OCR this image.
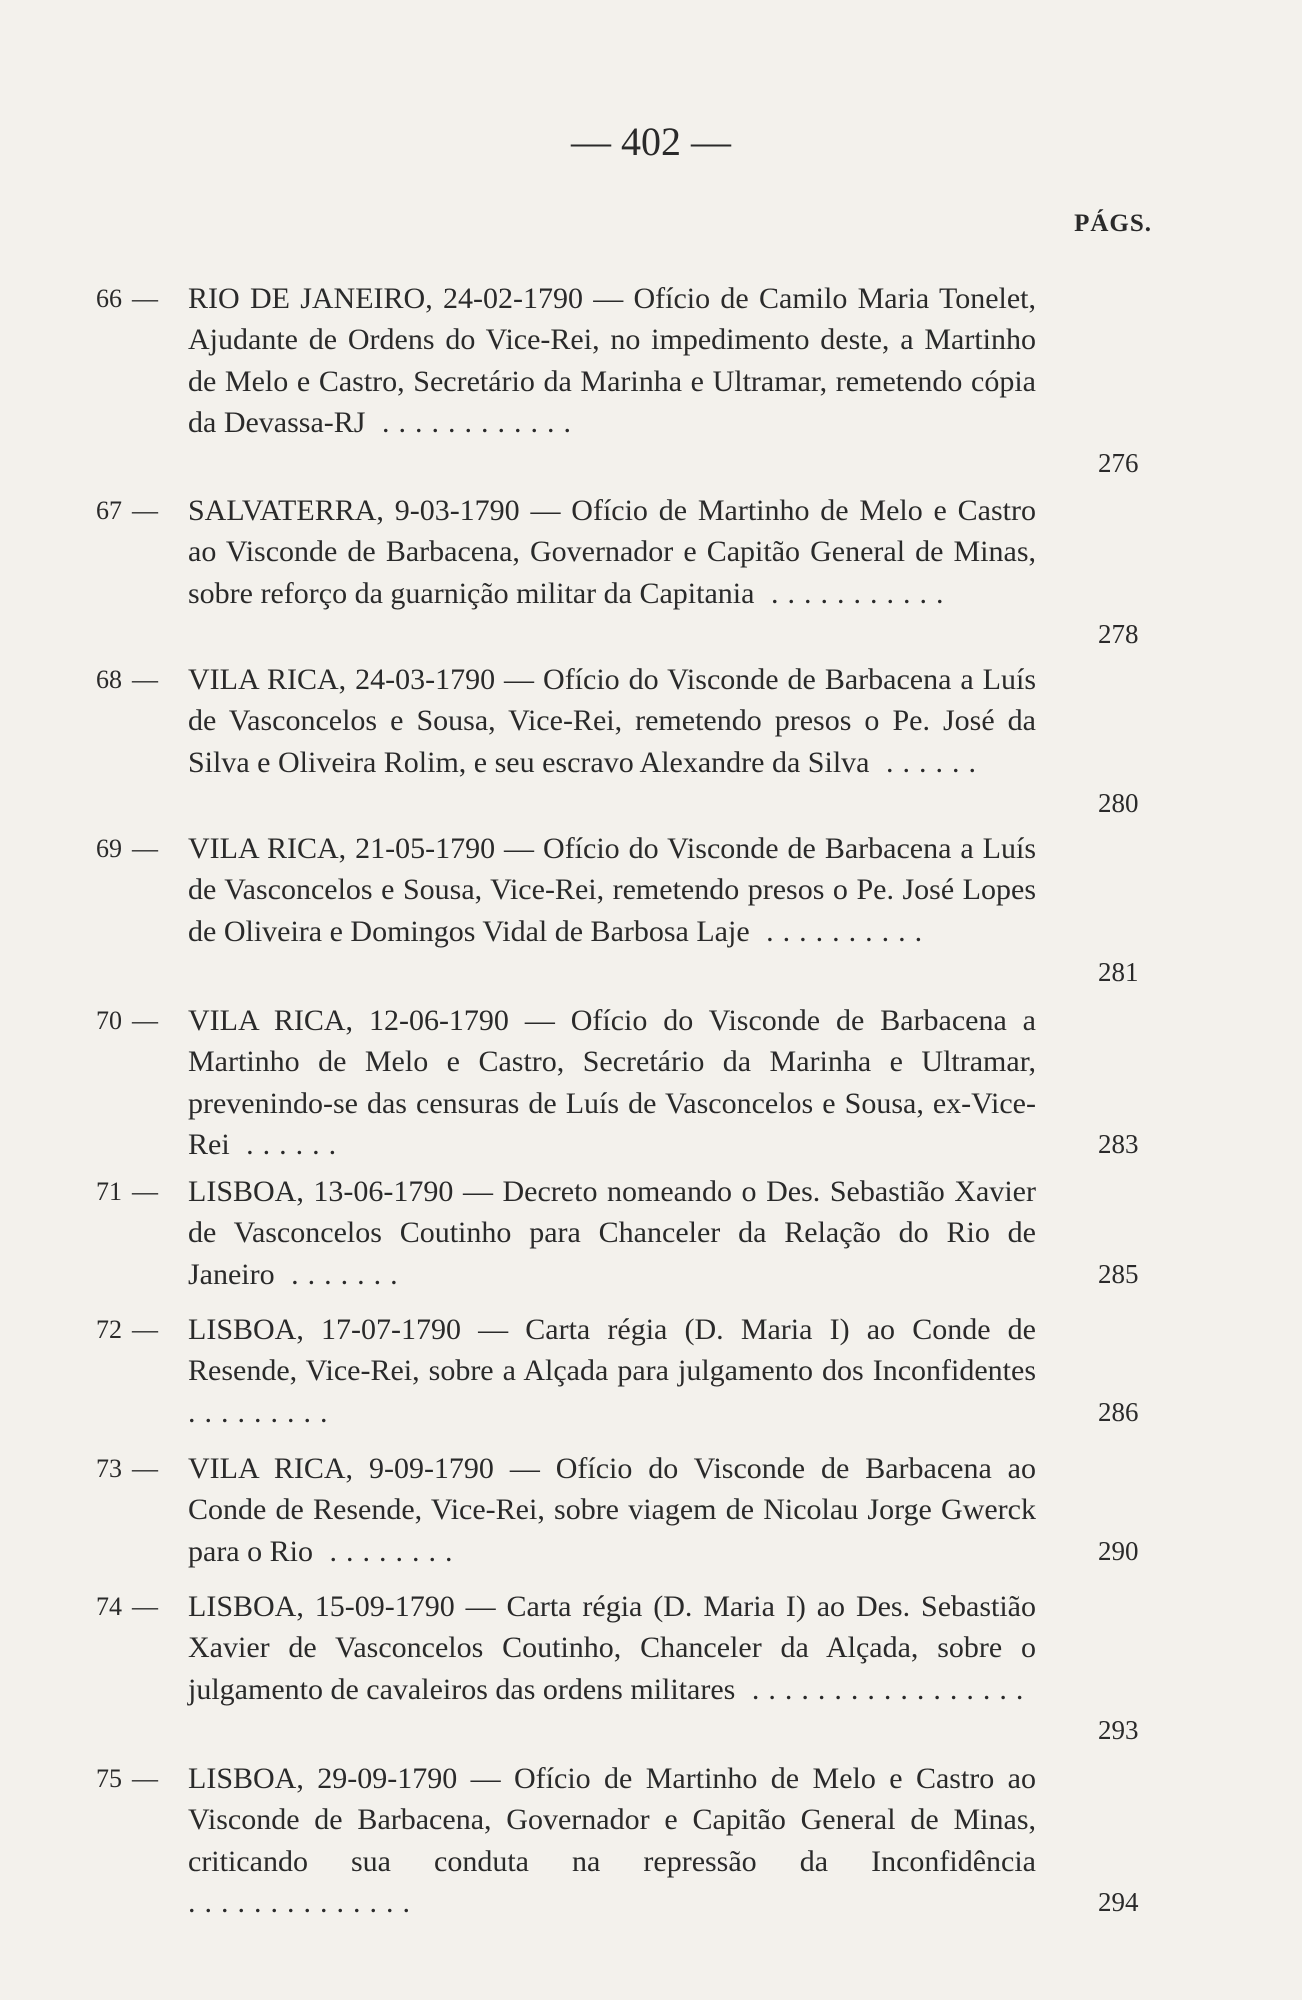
— 402 —
PÁGS.
66 — RIO DE JANEIRO, 24-02-1790 — Ofício de Camilo Maria Tonelet, Ajudante de Ordens do Vice-Rei, no impedimento deste, a Martinho de Melo e Castro, Secretário da Marinha e Ultramar, remetendo cópia da Devassa-RJ ............
276
67 — SALVATERRA, 9-03-1790 — Ofício de Martinho de Melo e Castro ao Visconde de Barbacena, Governador e Capitão General de Minas, sobre reforço da guarnição militar da Capitania ...........
278
68 — VILA RICA, 24-03-1790 — Ofício do Visconde de Barbacena a Luís de Vasconcelos e Sousa, Vice-Rei, remetendo presos o Pe. José da Silva e Oliveira Rolim, e seu escravo Alexandre da Silva ......
280
69 — VILA RICA, 21-05-1790 — Ofício do Visconde de Barbacena a Luís de Vasconcelos e Sousa, Vice-Rei, remetendo presos o Pe. José Lopes de Oliveira e Domingos Vidal de Barbosa Laje ..........
281
70 — VILA RICA, 12-06-1790 — Ofício do Visconde de Barbacena a Martinho de Melo e Castro, Secretário da Marinha e Ultramar, prevenindo-se das censuras de Luís de Vasconcelos e Sousa, ex-Vice-Rei ......	283
71 — LISBOA, 13-06-1790 — Decreto nomeando o Des. Sebastião Xavier de Vasconcelos Coutinho para Chanceler da Relação do Rio de Janeiro .......	285
72 — LISBOA, 17-07-1790 — Carta régia (D. Maria I) ao Conde de Resende, Vice-Rei, sobre a Alçada para julgamento dos Inconfidentes .........	286
73 — VILA RICA, 9-09-1790 — Ofício do Visconde de Barbacena ao Conde de Resende, Vice-Rei, sobre viagem de Nicolau Jorge Gwerck para o Rio ........	290
74 — LISBOA, 15-09-1790 — Carta régia (D. Maria I) ao Des. Sebastião Xavier de Vasconcelos Coutinho, Chanceler da Alçada, sobre o julgamento de cavaleiros das ordens militares .................
293
75 — LISBOA, 29-09-1790 — Ofício de Martinho de Melo e Castro ao Visconde de Barbacena, Governador e Capitão General de Minas, criticando sua conduta na repressão da Inconfidência ..............	294
